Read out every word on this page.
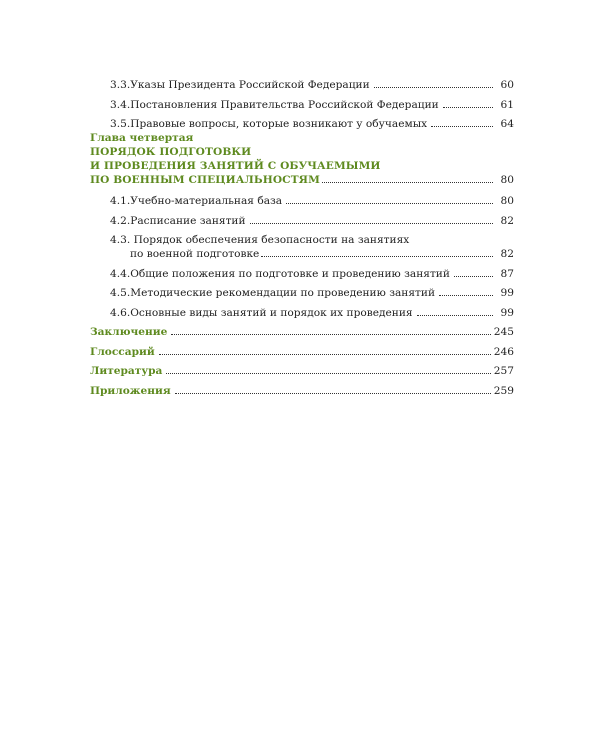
3.3. Указы Президента Российской Федерации	60
3.4. Постановления Правительства Российской Федерации	61
3.5. Правовые вопросы, которые возникают у обучаемых	64
Глава четвертая
ПОРЯДОК ПОДГОТОВКИ
И ПРОВЕДЕНИЯ ЗАНЯТИЙ С ОБУЧАЕМЫМИ
ПО ВОЕННЫМ СПЕЦИАЛЬНОСТЯМ	80
4.1. Учебно-материальная база	80
4.2. Расписание занятий	82
4.3. Порядок обеспечения безопасности на занятиях
по военной подготовке	82
4.4. Общие положения по подготовке и проведению занятий	87
4.5. Методические рекомендации по проведению занятий	99
4.6. Основные виды занятий и порядок их проведения	99
Заключение	245
Глоссарий	246
Литература	257
Приложения	259
